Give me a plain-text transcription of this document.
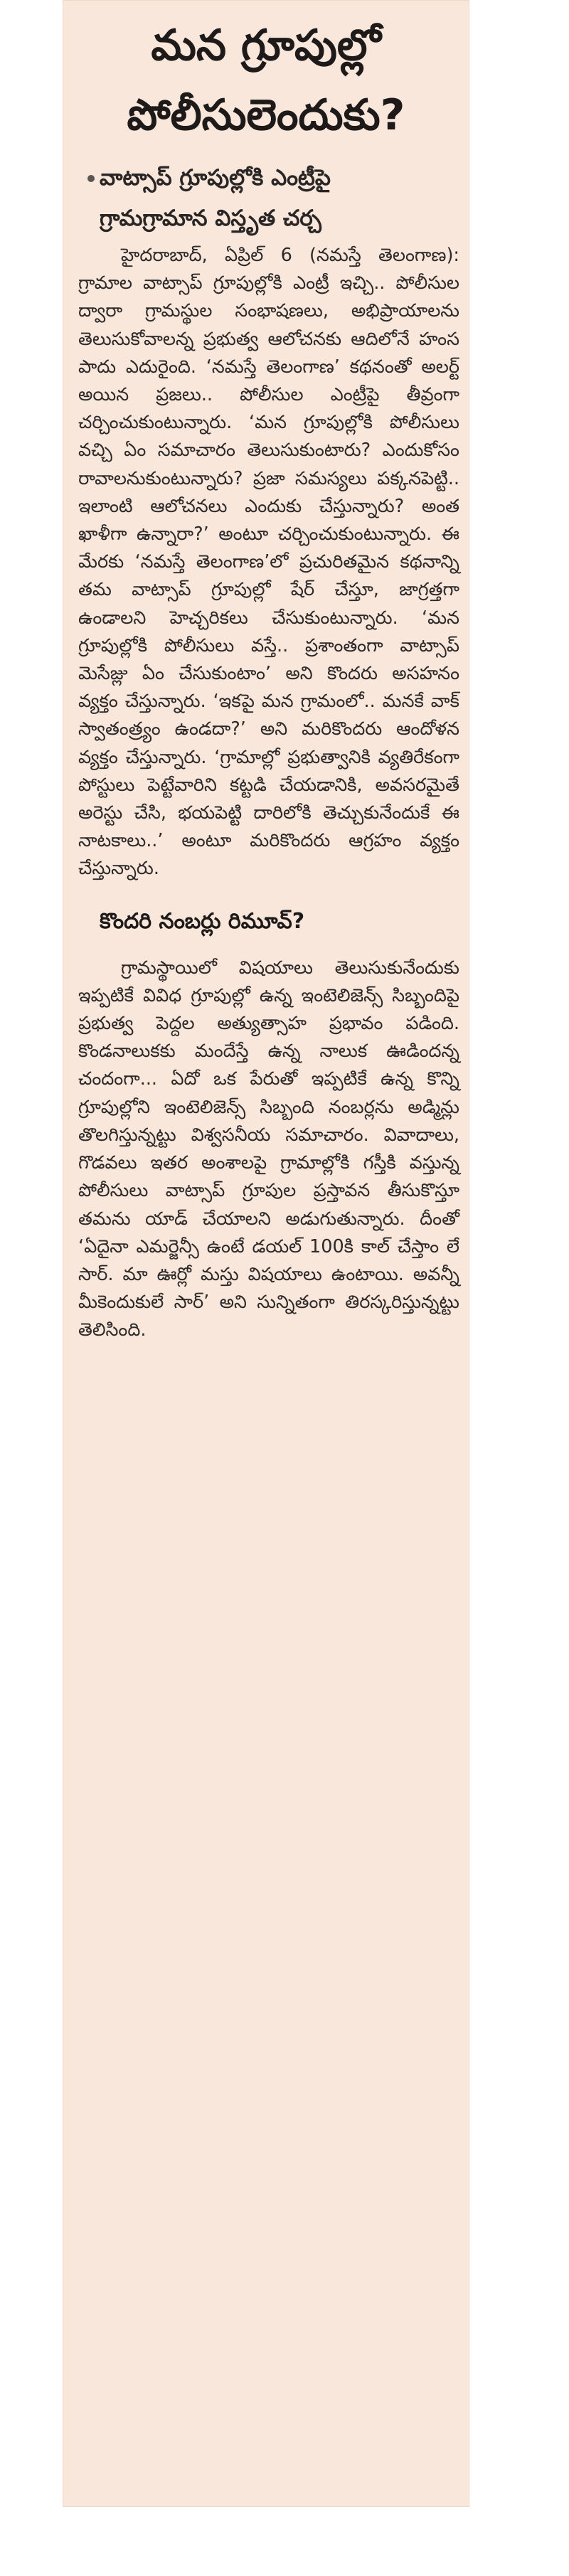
మన గ్రూపుల్లో
పోలీసులెందుకు?
వాట్సాప్ గ్రూపుల్లోకి ఎంట్రీపై
గ్రామగ్రామాన విస్తృత చర్చ

హైదరాబాద్, ఏప్రిల్ 6 (నమస్తే తెలంగాణ): గ్రామాల వాట్సాప్ గ్రూపుల్లోకి ఎంట్రీ ఇచ్చి.. పోలీసుల ద్వారా గ్రామస్థుల సంభాషణలు, అభిప్రాయాలను తెలుసుకోవాలన్న ప్రభుత్వ ఆలోచనకు ఆదిలోనే హంస పాదు ఎదురైంది. ‘నమస్తే తెలంగాణ’ కథనంతో అలర్ట్ అయిన ప్రజలు.. పోలీసుల ఎంట్రీపై తీవ్రంగా చర్చించుకుంటున్నారు. ‘మన గ్రూపుల్లోకి పోలీసులు వచ్చి ఏం సమాచారం తెలుసుకుంటారు? ఎందుకోసం రావాలనుకుంటున్నారు? ప్రజా సమస్యలు పక్కనపెట్టి.. ఇలాంటి ఆలోచనలు ఎందుకు చేస్తున్నారు? అంత ఖాళీగా ఉన్నారా?’ అంటూ చర్చించుకుంటున్నారు. ఈ మేరకు ‘నమస్తే తెలంగాణ’లో ప్రచురితమైన కథనాన్ని తమ వాట్సాప్ గ్రూపుల్లో షేర్ చేస్తూ, జాగ్రత్తగా ఉండాలని హెచ్చరికలు చేసుకుంటున్నారు. ‘మన గ్రూపుల్లోకి పోలీసులు వస్తే.. ప్రశాంతంగా వాట్సాప్ మెసేజ్లు ఏం చేసుకుంటాం’ అని కొందరు అసహనం వ్యక్తం చేస్తున్నారు. ‘ఇకపై మన గ్రామంలో.. మనకే వాక్ స్వాతంత్ర్యం ఉండదా?’ అని మరికొందరు ఆందోళన వ్యక్తం చేస్తున్నారు. ‘గ్రామాల్లో ప్రభుత్వానికి వ్యతిరేకంగా పోస్టులు పెట్టేవారిని కట్టడి చేయడానికి, అవసరమైతే అరెస్టు చేసి, భయపెట్టి దారిలోకి తెచ్చుకునేందుకే ఈ నాటకాలు..’ అంటూ మరికొందరు ఆగ్రహం వ్యక్తం చేస్తున్నారు.

కొందరి నంబర్లు రిమూవ్?

గ్రామస్థాయిలో విషయాలు తెలుసుకునేందుకు ఇప్పటికే వివిధ గ్రూపుల్లో ఉన్న ఇంటెలిజెన్స్ సిబ్బందిపై ప్రభుత్వ పెద్దల అత్యుత్సాహ ప్రభావం పడింది. కొండనాలుకకు మందేస్తే ఉన్న నాలుక ఊడిందన్న చందంగా... ఏదో ఒక పేరుతో ఇప్పటికే ఉన్న కొన్ని గ్రూపుల్లోని ఇంటెలిజెన్స్ సిబ్బంది నంబర్లను అడ్మిన్లు తొలగిస్తున్నట్టు విశ్వసనీయ సమాచారం. వివాదాలు, గొడవలు ఇతర అంశాలపై గ్రామాల్లోకి గస్తీకి వస్తున్న పోలీసులు వాట్సాప్ గ్రూపుల ప్రస్తావన తీసుకొస్తూ తమను యాడ్ చేయాలని అడుగుతున్నారు. దీంతో ‘ఏదైనా ఎమర్జెన్సీ ఉంటే డయల్ 100కి కాల్ చేస్తాం లే సార్. మా ఊర్లో మస్తు విషయాలు ఉంటాయి. అవన్నీ మీకెందుకులే సార్’ అని సున్నితంగా తిరస్కరిస్తున్నట్టు తెలిసింది.
